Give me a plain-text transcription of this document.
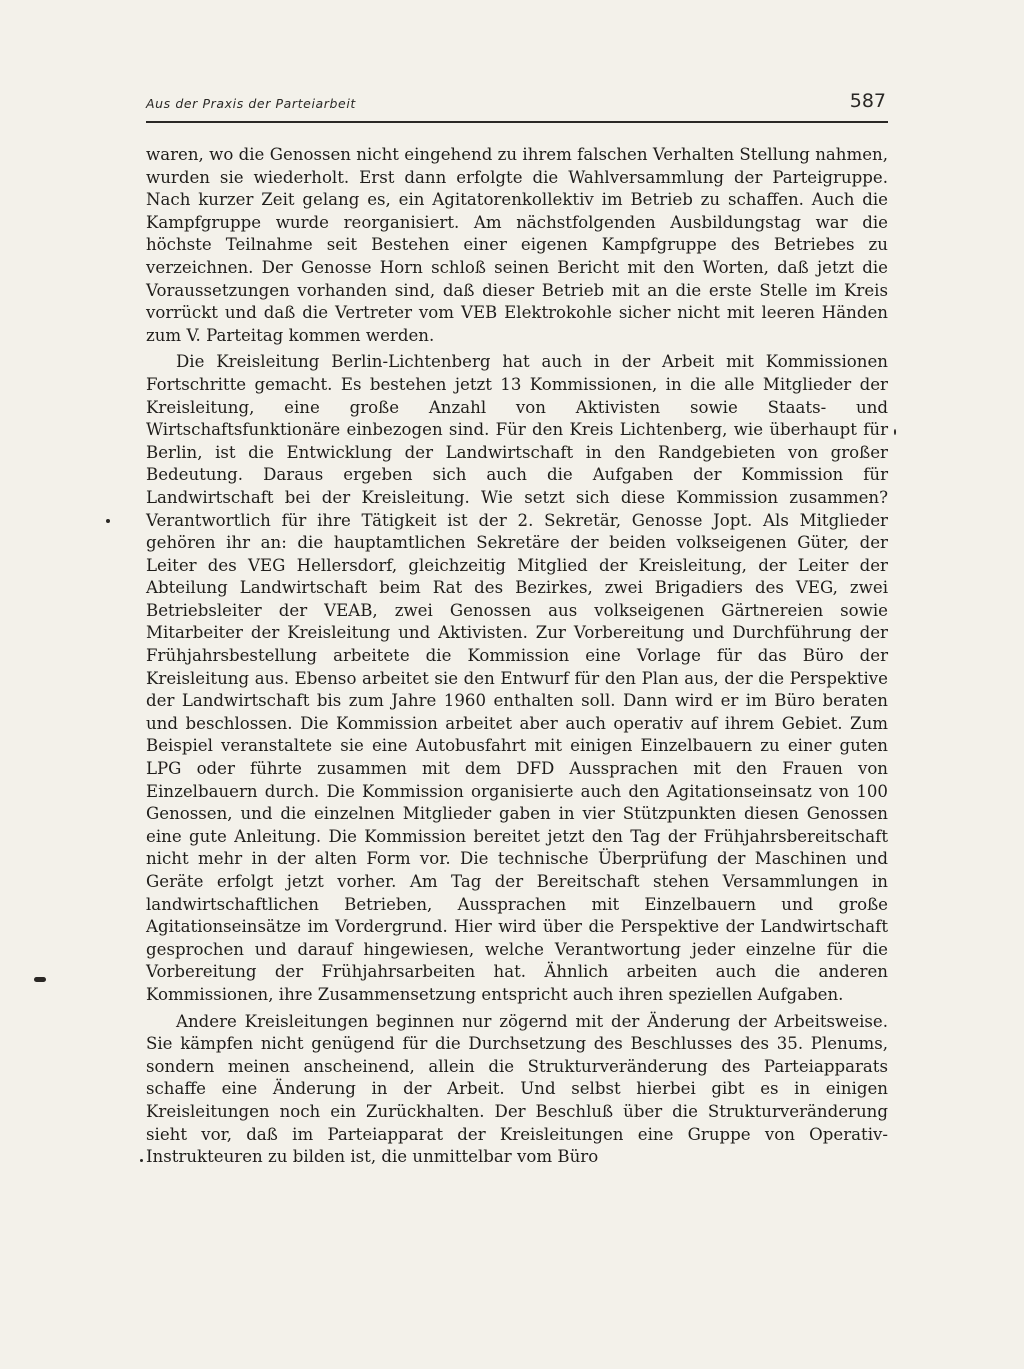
Aus der Praxis der Parteiarbeit	587

waren, wo die Genossen nicht eingehend zu ihrem falschen Verhalten Stellung nahmen, wurden sie wiederholt. Erst dann erfolgte die Wahlversammlung der Parteigruppe. Nach kurzer Zeit gelang es, ein Agitatorenkollektiv im Betrieb zu schaffen. Auch die Kampfgruppe wurde reorganisiert. Am nächstfolgenden Ausbildungstag war die höchste Teilnahme seit Bestehen einer eigenen Kampfgruppe des Betriebes zu verzeichnen. Der Genosse Horn schloß seinen Bericht mit den Worten, daß jetzt die Voraussetzungen vorhanden sind, daß dieser Betrieb mit an die erste Stelle im Kreis vorrückt und daß die Vertreter vom VEB Elektrokohle sicher nicht mit leeren Händen zum V. Parteitag kommen werden.

Die Kreisleitung Berlin-Lichtenberg hat auch in der Arbeit mit Kommissionen Fortschritte gemacht. Es bestehen jetzt 13 Kommissionen, in die alle Mitglieder der Kreisleitung, eine große Anzahl von Aktivisten sowie Staats- und Wirtschaftsfunktionäre einbezogen sind. Für den Kreis Lichtenberg, wie überhaupt für Berlin, ist die Entwicklung der Landwirtschaft in den Randgebieten von großer Bedeutung. Daraus ergeben sich auch die Aufgaben der Kommission für Landwirtschaft bei der Kreisleitung. Wie setzt sich diese Kommission zusammen? Verantwortlich für ihre Tätigkeit ist der 2. Sekretär, Genosse Jopt. Als Mitglieder gehören ihr an: die hauptamtlichen Sekretäre der beiden volkseigenen Güter, der Leiter des VEG Hellersdorf, gleichzeitig Mitglied der Kreisleitung, der Leiter der Abteilung Landwirtschaft beim Rat des Bezirkes, zwei Brigadiers des VEG, zwei Betriebsleiter der VEAB, zwei Genossen aus volkseigenen Gärtnereien sowie Mitarbeiter der Kreisleitung und Aktivisten. Zur Vorbereitung und Durchführung der Frühjahrsbestellung arbeitete die Kommission eine Vorlage für das Büro der Kreisleitung aus. Ebenso arbeitet sie den Entwurf für den Plan aus, der die Perspektive der Landwirtschaft bis zum Jahre 1960 enthalten soll. Dann wird er im Büro beraten und beschlossen. Die Kommission arbeitet aber auch operativ auf ihrem Gebiet. Zum Beispiel veranstaltete sie eine Autobusfahrt mit einigen Einzelbauern zu einer guten LPG oder führte zusammen mit dem DFD Aussprachen mit den Frauen von Einzelbauern durch. Die Kommission organisierte auch den Agitationseinsatz von 100 Genossen, und die einzelnen Mitglieder gaben in vier Stützpunkten diesen Genossen eine gute Anleitung. Die Kommission bereitet jetzt den Tag der Frühjahrsbereitschaft nicht mehr in der alten Form vor. Die technische Überprüfung der Maschinen und Geräte erfolgt jetzt vorher. Am Tag der Bereitschaft stehen Versammlungen in landwirtschaftlichen Betrieben, Aussprachen mit Einzelbauern und große Agitationseinsätze im Vordergrund. Hier wird über die Perspektive der Landwirtschaft gesprochen und darauf hingewiesen, welche Verantwortung jeder einzelne für die Vorbereitung der Frühjahrsarbeiten hat. Ähnlich arbeiten auch die anderen Kommissionen, ihre Zusammensetzung entspricht auch ihren speziellen Aufgaben.

Andere Kreisleitungen beginnen nur zögernd mit der Änderung der Arbeitsweise. Sie kämpfen nicht genügend für die Durchsetzung des Beschlusses des 35. Plenums, sondern meinen anscheinend, allein die Strukturveränderung des Parteiapparats schaffe eine Änderung in der Arbeit. Und selbst hierbei gibt es in einigen Kreisleitungen noch ein Zurückhalten. Der Beschluß über die Strukturveränderung sieht vor, daß im Parteiapparat der Kreisleitungen eine Gruppe von Operativ-Instrukteuren zu bilden ist, die unmittelbar vom Büro
